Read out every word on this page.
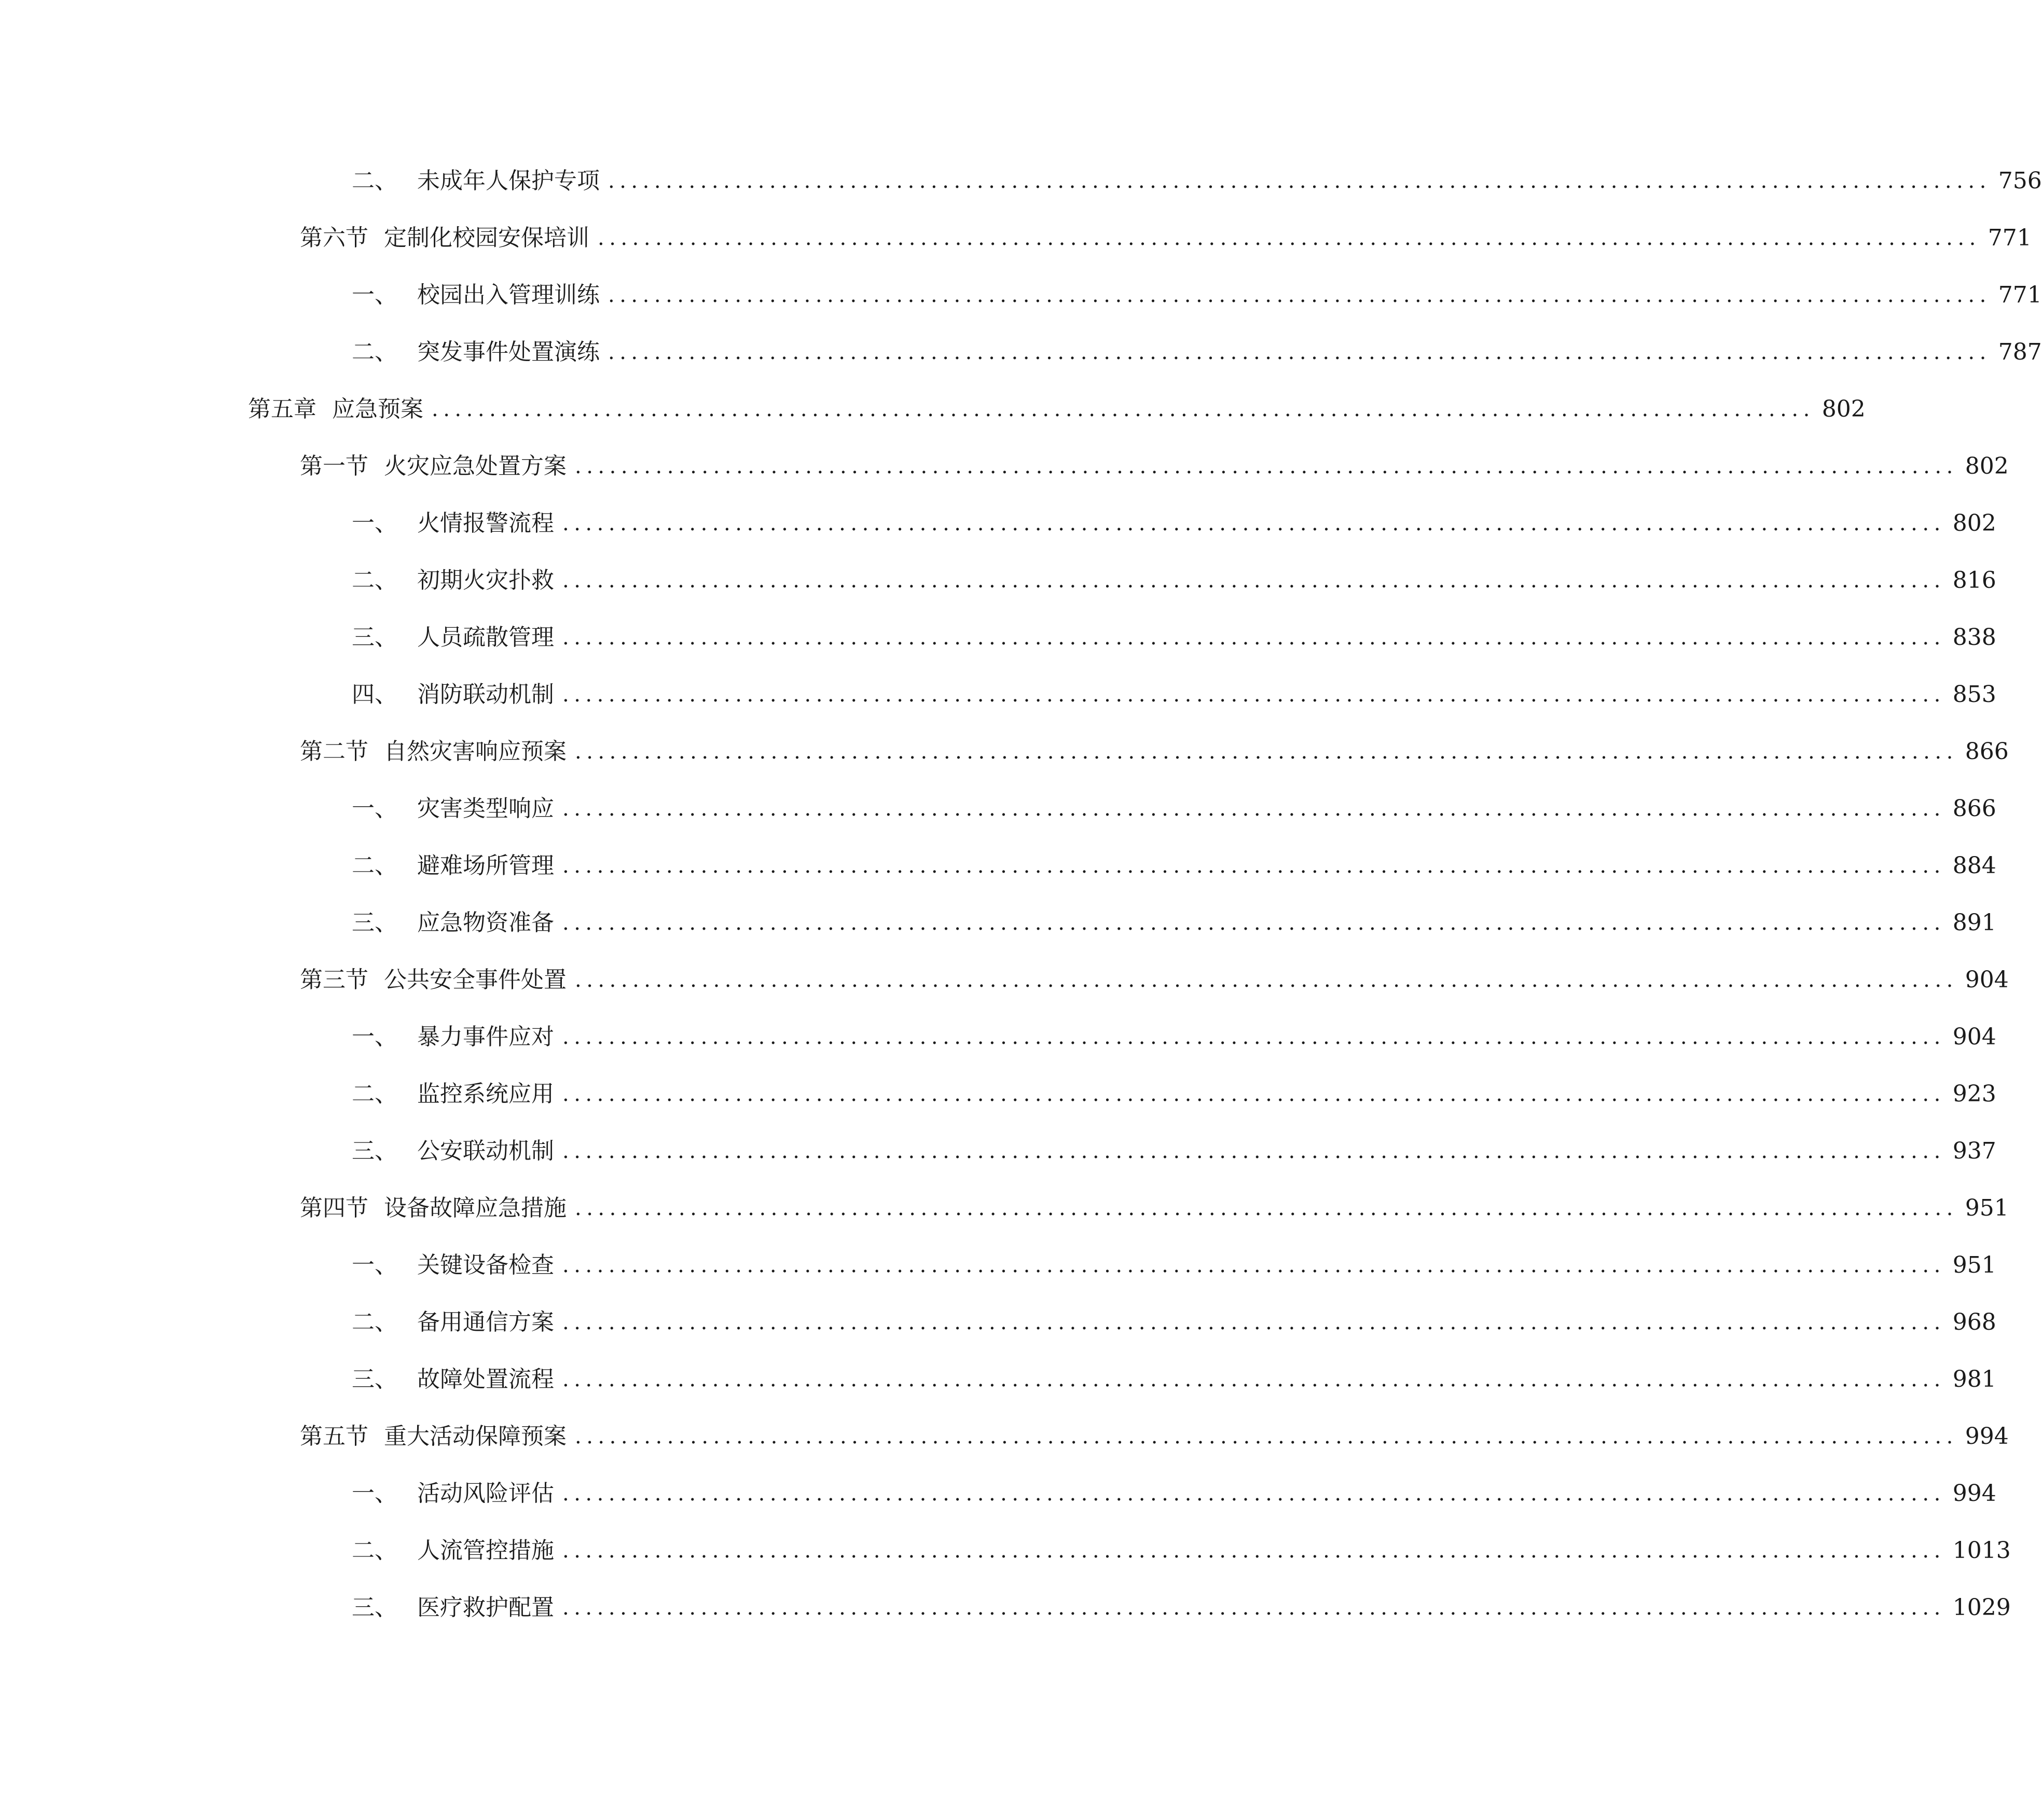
二、 未成年人保护专项 ........................................................................................................................ 756
第六节 定制化校园安保培训 ........................................................................................................................ 771
一、 校园出入管理训练 ........................................................................................................................ 771
二、 突发事件处置演练 ........................................................................................................................ 787
第五章 应急预案 ........................................................................................................................ 802
第一节 火灾应急处置方案 ........................................................................................................................ 802
一、 火情报警流程 ........................................................................................................................ 802
二、 初期火灾扑救 ........................................................................................................................ 816
三、 人员疏散管理 ........................................................................................................................ 838
四、 消防联动机制 ........................................................................................................................ 853
第二节 自然灾害响应预案 ........................................................................................................................ 866
一、 灾害类型响应 ........................................................................................................................ 866
二、 避难场所管理 ........................................................................................................................ 884
三、 应急物资准备 ........................................................................................................................ 891
第三节 公共安全事件处置 ........................................................................................................................ 904
一、 暴力事件应对 ........................................................................................................................ 904
二、 监控系统应用 ........................................................................................................................ 923
三、 公安联动机制 ........................................................................................................................ 937
第四节 设备故障应急措施 ........................................................................................................................ 951
一、 关键设备检查 ........................................................................................................................ 951
二、 备用通信方案 ........................................................................................................................ 968
三、 故障处置流程 ........................................................................................................................ 981
第五节 重大活动保障预案 ........................................................................................................................ 994
一、 活动风险评估 ........................................................................................................................ 994
二、 人流管控措施 ........................................................................................................................ 1013
三、 医疗救护配置 ........................................................................................................................ 1029
